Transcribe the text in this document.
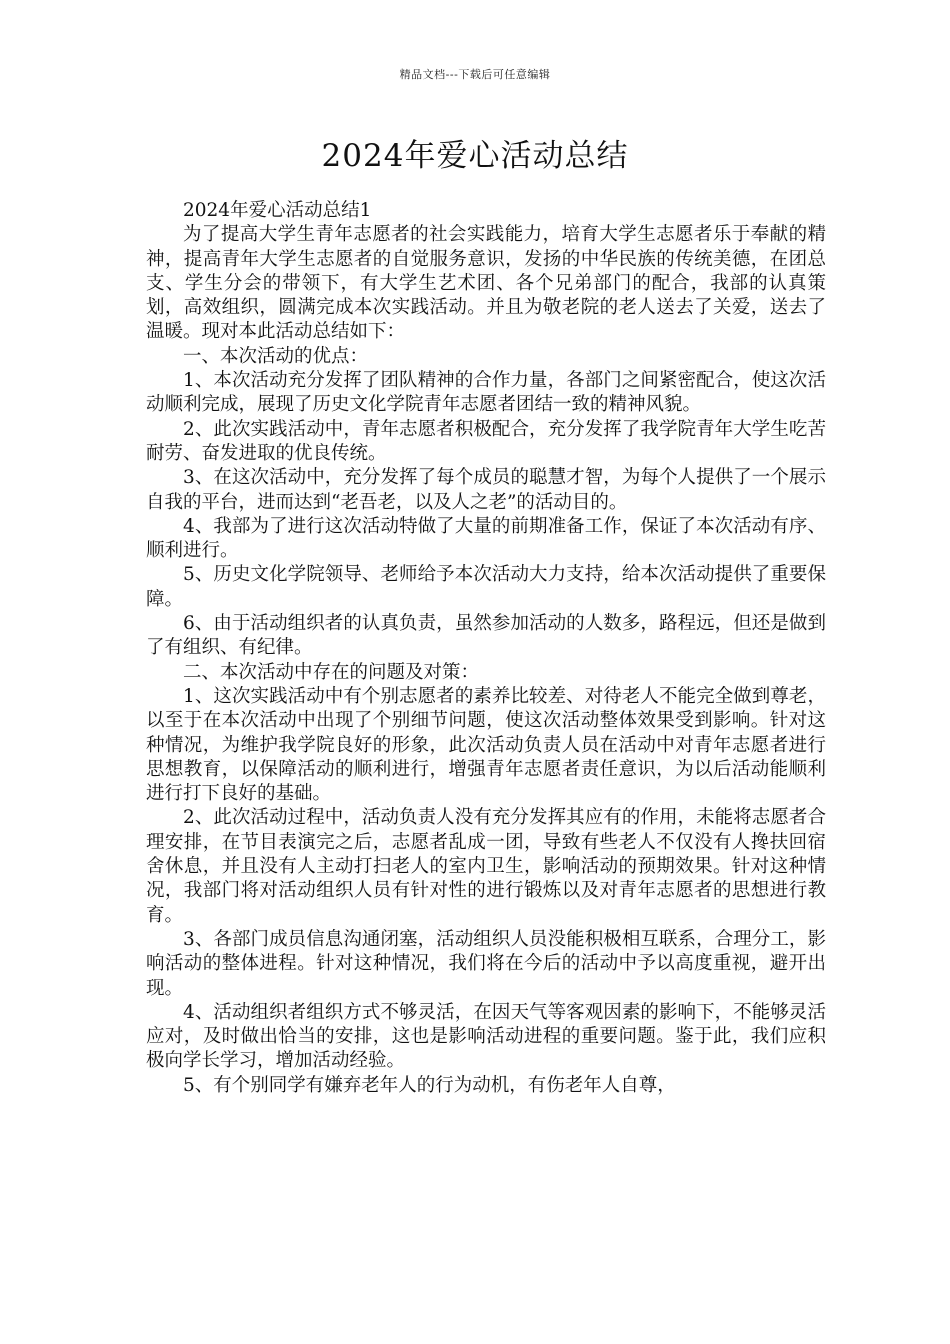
精品文档---下载后可任意编辑
2024年爱心活动总结

2024年爱心活动总结1

为了提高大学生青年志愿者的社会实践能力，培育大学生志愿者乐于奉献的精神，提高青年大学生志愿者的自觉服务意识，发扬的中华民族的传统美德，在团总支、学生分会的带领下，有大学生艺术团、各个兄弟部门的配合，我部的认真策划，高效组织，圆满完成本次实践活动。并且为敬老院的老人送去了关爱，送去了温暖。现对本此活动总结如下：

一、本次活动的优点：

1、本次活动充分发挥了团队精神的合作力量，各部门之间紧密配合，使这次活动顺利完成，展现了历史文化学院青年志愿者团结一致的精神风貌。

2、此次实践活动中，青年志愿者积极配合，充分发挥了我学院青年大学生吃苦耐劳、奋发进取的优良传统。

3、在这次活动中，充分发挥了每个成员的聪慧才智，为每个人提供了一个展示自我的平台，进而达到“老吾老，以及人之老”的活动目的。

4、我部为了进行这次活动特做了大量的前期准备工作，保证了本次活动有序、顺利进行。

5、历史文化学院领导、老师给予本次活动大力支持，给本次活动提供了重要保障。

6、由于活动组织者的认真负责，虽然参加活动的人数多，路程远，但还是做到了有组织、有纪律。

二、本次活动中存在的问题及对策：

1、这次实践活动中有个别志愿者的素养比较差、对待老人不能完全做到尊老，以至于在本次活动中出现了个别细节问题，使这次活动整体效果受到影响。针对这种情况，为维护我学院良好的形象，此次活动负责人员在活动中对青年志愿者进行思想教育，以保障活动的顺利进行，增强青年志愿者责任意识，为以后活动能顺利进行打下良好的基础。

2、此次活动过程中，活动负责人没有充分发挥其应有的作用，未能将志愿者合理安排，在节目表演完之后，志愿者乱成一团，导致有些老人不仅没有人搀扶回宿舍休息，并且没有人主动打扫老人的室内卫生，影响活动的预期效果。针对这种情况，我部门将对活动组织人员有针对性的进行锻炼以及对青年志愿者的思想进行教育。

3、各部门成员信息沟通闭塞，活动组织人员没能积极相互联系，合理分工，影响活动的整体进程。针对这种情况，我们将在今后的活动中予以高度重视，避开出现。

4、活动组织者组织方式不够灵活，在因天气等客观因素的影响下，不能够灵活应对，及时做出恰当的安排，这也是影响活动进程的重要问题。鉴于此，我们应积极向学长学习，增加活动经验。

5、有个别同学有嫌弃老年人的行为动机，有伤老年人自尊，
